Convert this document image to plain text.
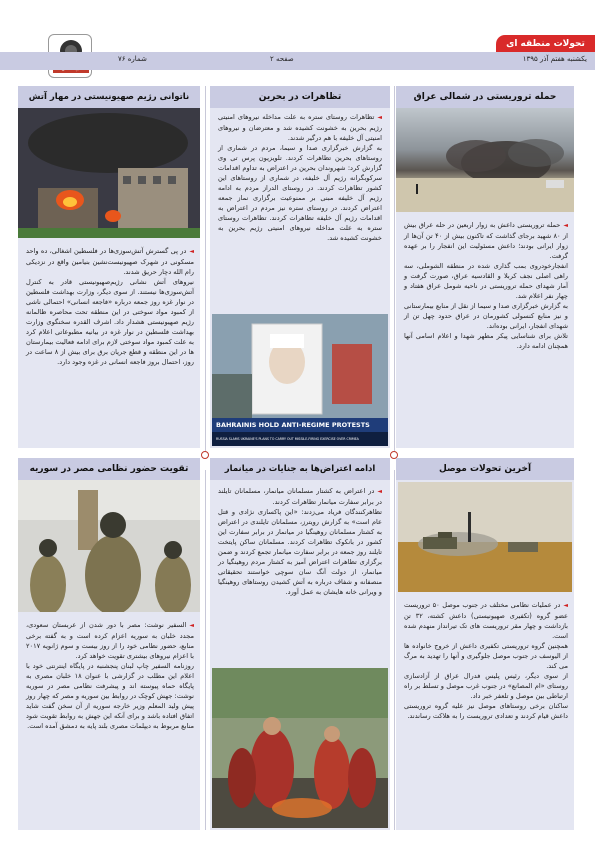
تحولات منطقه ای
یکشنبه هفتم آذر ۱۳۹۵
صفحه ۲
شماره ۷۶
حمله تروریستی در شمالی عراق

◄حمله تروریستی داعش به زوار اربعین در حله عراق بیش از ۸۰ شهید برجای گذاشت که تاکنون بیش از ۴۰ تن آن‌ها از زوار ایرانی بودند؛ داعش مسئولیت این انفجار را بر عهده گرفت.

انفجارخودروی بمب گذاری شده در منطقه الشوملی، سه راهی اصلی نجف کربلا و القادسیه عراق، صورت گرفت و آمار شهدای حمله تروریستی در ناحیه شومل عراق هفتاد و چهار نفر اعلام شد.

به گزارش خبرگزاری صدا و سیما از نقل از منابع بیمارستانی و نیز منابع کنسولی کشورمان در عراق حدود چهل تن از شهدای انفجار، ایرانی بوده‌اند.

تلاش برای شناسایی پیکر مطهر شهدا و اعلام اسامی آنها همچنان ادامه دارد.

تظاهرات در بحرین

◄تظاهرات روستای ستره به علت مداخله نیروهای امنیتی رژیم بحرین به خشونت کشیده شد و معترضان و نیروهای امنیتی آل خلیفه با هم درگیر شدند.

به گزارش خبرگزاری صدا و سیما، مردم در شماری از روستاهای بحرین تظاهرات کردند. تلویزیون پرس تی وی گزارش کرد: شهروندان بحرین در اعتراض به تداوم اقدامات سرکوبگرانه رژیم آل خلیفه، در شماری از روستاهای این کشور تظاهرات کردند. در روستای الدراز مردم به ادامه رژیم آل خلیفه مبنی بر ممنوعیت برگزاری نماز جمعه اعتراض کردند. در روستای ستره نیز مردم در اعتراض به اقدامات رژیم آل خلیفه تظاهرات کردند. تظاهرات روستای ستره به علت مداخله نیروهای امنیتی رژیم بحرین به خشونت کشیده شد.

BAHRAINIS HOLD ANTI-REGIME PROTESTS
RUSSIA SLAMS UKRAINE'S PLANS TO CARRY OUT MISSILE-FIRING EXERCISE OVER CRIMEA
ناتوانی رژیم صهیونیستی در مهار آتش

◄در پی گسترش آتش‌سوزی‌ها در فلسطین اشغالی، ده واحد مسکونی در شهرک صهیونیست‌نشین بنیامین واقع در نزدیکی رام الله دچار حریق شدند.

نیروهای آتش نشانی رژیم‌صهیونیستی قادر به کنترل آتش‌سوزی‌ها نیستند. از سوی دیگر، وزارت بهداشت فلسطین در نوار غزه روز جمعه درباره «فاجعه انسانی» احتمالی ناشی از کمبود مواد سوختی در این منطقه تحت محاصره ظالمانه رژیم صهیونیستی هشدار داد. اشرف القدره سخنگوی وزارت بهداشت فلسطین در نوار غزه در بیانیه مطبوعاتی اعلام کرد به علت کمبود مواد سوختی لازم برای ادامه فعالیت بیمارستان ها در این منطقه و قطع جریان برق برای بیش از ۸ ساعت در روز، احتمال بروز فاجعه انسانی در غزه وجود دارد.

آخرین تحولات موصل

◄در عملیات نظامی مختلف در جنوب موصل ۵۰ تروریست عضو گروه (تکفیری صهیونیستی) داعش کشته، ۳۲ تن بازداشت و چهار مقر تروریست های تک تیرانداز منهدم شده است.

همچنین گروه تروریستی تکفیری داعش از خروج خانواده ها از الیوسف در جنوب موصل جلوگیری و آنها را تهدید به مرگ می کند.

از سوی دیگر، رئیس پلیس فدرال عراق از آزادسازی روستای «ام المصانع» در جنوب غرب موصل و تسلط بر راه ارتباطی بین موصل و تلعفر خبر داد.

ساکنان برخی روستاهای موصل نیز علیه گروه تروریستی داعش قیام کردند و تعدادی تروریست را به هلاکت رساندند.

ادامه اعتراض‌ها به جنایات در میانمار

◄در اعتراض به کشتار مسلمانان میانمار، مسلمانان تایلند در برابر سفارت میانمار تظاهرات کردند.

تظاهرکنندگان فریاد می‌زدند: «این پاکسازی نژادی و قتل عام است» به گزارش رویترز، مسلمانان تایلندی در اعتراض به کشتار مسلمانان روهینگیا در میانمار در برابر سفارت این کشور در بانکوک تظاهرات کردند. مسلمانان ساکن پایتخت تایلند روز جمعه در برابر سفارت میانمار تجمع کردند و ضمن برگزاری تظاهرات اعتراض آمیز به کشتار مردم روهینگیا در میانمار، از دولت آنگ سان سوچی خواستند تحقیقاتی منصفانه و شفاف درباره به آتش کشیدن روستاهای روهینگیا و ویرانی خانه هایشان به عمل آورد.

تقویت حضور نظامی مصر در سوریه

◄السفیر نوشت: مصر با دور شدن از عربستان سعودی، مجدد خلبان به سوریه اعزام کرده است و به گفته برخی منابع، حضور نظامی خود را از روز بیست و سوم ژانویه ۲۰۱۷ با اعزام نیروهای بیشتری تقویت خواهد کرد.

روزنامه السفیر چاپ لبنان پنجشنبه در پایگاه اینترنتی خود با اعلام این مطلب در گزارشی با عنوان ۱۸ خلبان مصری به پایگاه حماه پیوسته اند و پیشرفت نظامی مصر در سوریه نوشت: جهش کوچک در روابط بین سوریه و مصر که چهار روز پیش ولید المعلم وزیر خارجه سوریه از آن سخن گفت شاید اتفاق افتاده باشد و برای آنکه این جهش به روابط تقویت شود منابع مربوط به دیپلمات مصری بلند پایه به دمشق آمده است.
